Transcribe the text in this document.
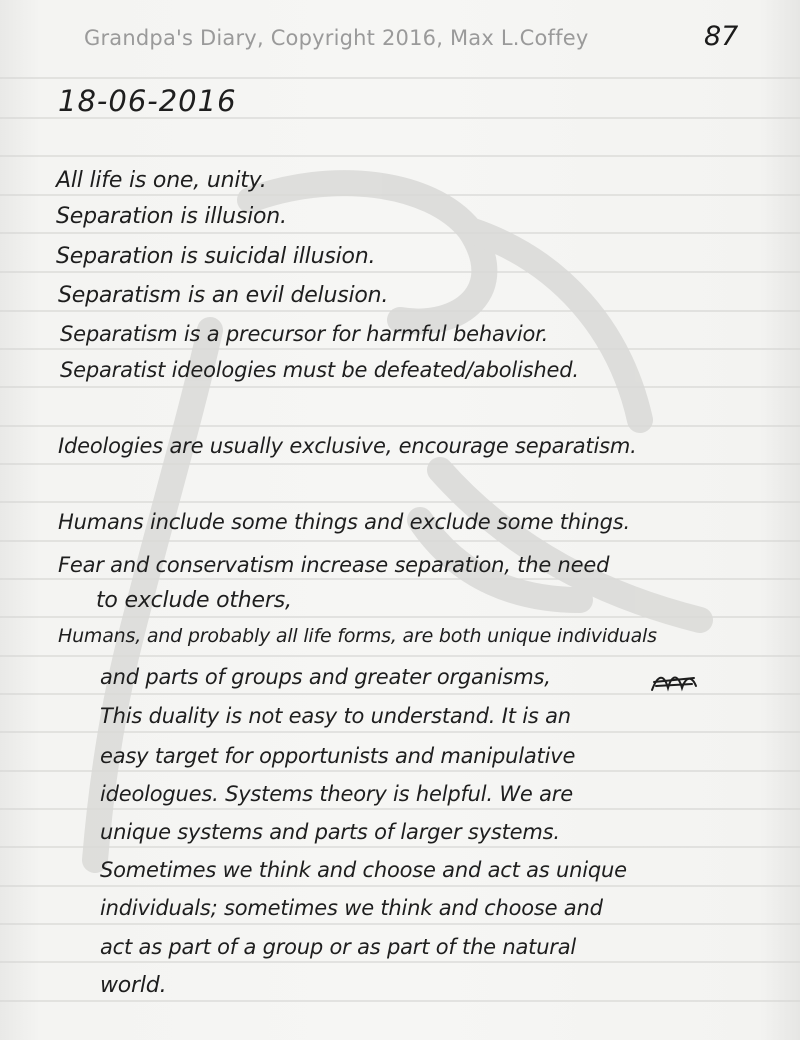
Grandpa's Diary, Copyright 2016, Max L.Coffey	87
18-06-2016
All life is one, unity.
Separation is illusion.
Separation is suicidal illusion.
Separatism is an evil delusion.
Separatism is a precursor for harmful behavior.
Separatist ideologies must be defeated/abolished.
Ideologies are usually exclusive, encourage separatism.
Humans include some things and exclude some things.
Fear and conservatism increase separation, the need
to exclude others,
Humans, and probably all life forms, are both unique individuals
and parts of groups and greater organisms,
This duality is not easy to understand. It is an
easy target for opportunists and manipulative
ideologues. Systems theory is helpful. We are
unique systems and parts of larger systems.
Sometimes we think and choose and act as unique
individuals; sometimes we think and choose and
act as part of a group or as part of the natural
world.
